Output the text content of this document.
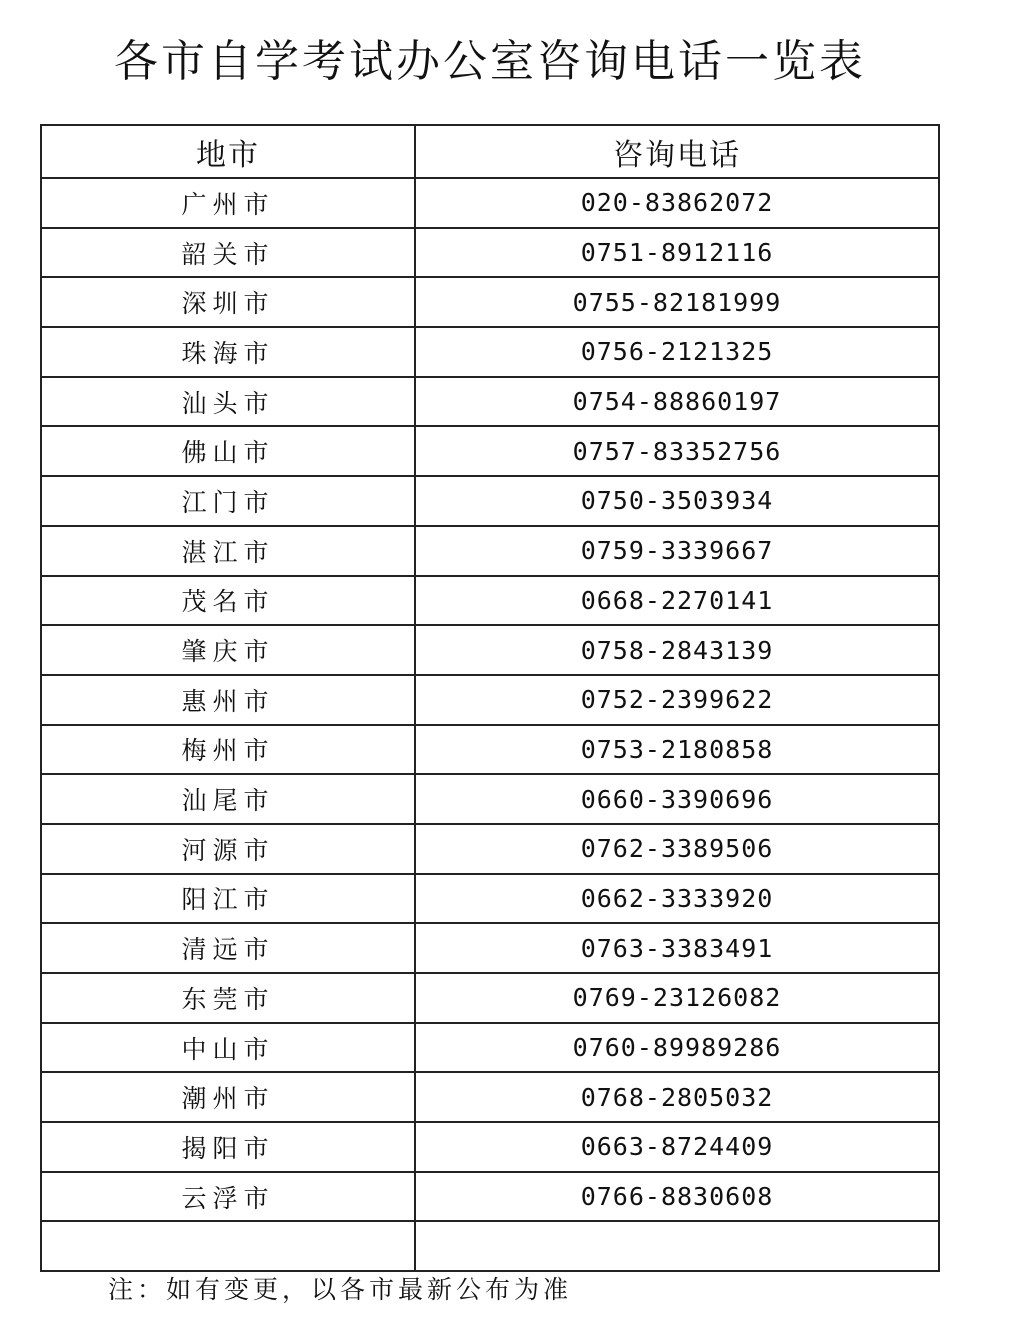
各市自学考试办公室咨询电话一览表
地市	咨询电话
广州市	020-83862072
韶关市	0751-8912116
深圳市	0755-82181999
珠海市	0756-2121325
汕头市	0754-88860197
佛山市	0757-83352756
江门市	0750-3503934
湛江市	0759-3339667
茂名市	0668-2270141
肇庆市	0758-2843139
惠州市	0752-2399622
梅州市	0753-2180858
汕尾市	0660-3390696
河源市	0762-3389506
阳江市	0662-3333920
清远市	0763-3383491
东莞市	0769-23126082
中山市	0760-89989286
潮州市	0768-2805032
揭阳市	0663-8724409
云浮市	0766-8830608

注：如有变更，以各市最新公布为准
